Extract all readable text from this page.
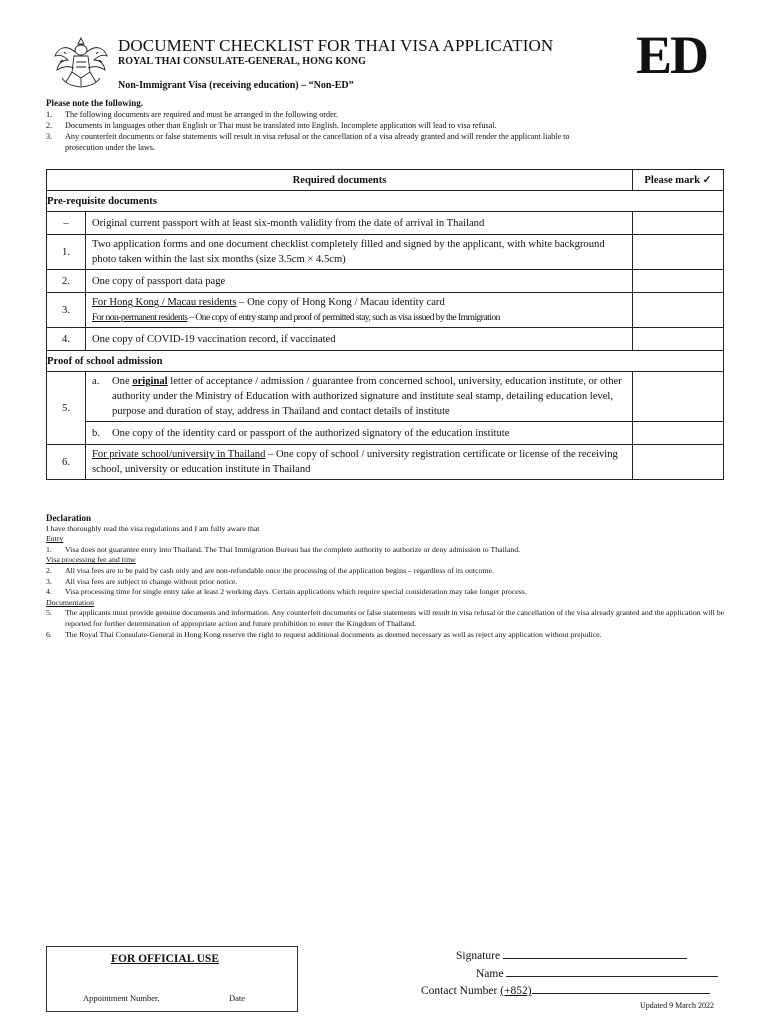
DOCUMENT CHECKLIST FOR THAI VISA APPLICATION
ROYAL THAI CONSULATE-GENERAL, HONG KONG
Non-Immigrant Visa (receiving education) – “Non-ED”
ED
Please note the following.
1.	The following documents are required and must be arranged in the following order.
2.	Documents in languages other than English or Thai must be translated into English. Incomplete application will lead to visa refusal.
3.	Any counterfeit documents or false statements will result in visa refusal or the cancellation of a visa already granted and will render the applicant liable to prosecution under the laws.
Required documents		Please mark ✓
Pre-requisite documents		
–	Original current passport with at least six-month validity from the date of arrival in Thailand	
1.	Two application forms and one document checklist completely filled and signed by the applicant, with white background photo taken within the last six months (size 3.5cm × 4.5cm)	
2.	One copy of passport data page	
3.	For Hong Kong / Macau residents – One copy of Hong Kong / Macau identity card
For non-permanent residents – One copy of entry stamp and proof of permitted stay, such as visa issued by the Immigration	

4.	One copy of COVID-19 vaccination record, if vaccinated	
Proof of school admission		
5.	a. One original letter of acceptance / admission / guarantee from concerned school, university, education institute, or other authority under the Ministry of Education with authorized signature and institute seal stamp, detailing education level, purpose and duration of stay, address in Thailand and contact details of institute	

	b. One copy of the identity card or passport of the authorized signatory of the education institute	

6.	For private school/university in Thailand – One copy of school / university registration certificate or license of the receiving school, university or education institute in Thailand	
Declaration
I have thoroughly read the visa regulations and I am fully aware that
Entry
1.	Visa does not guarantee entry into Thailand. The Thai Immigration Bureau has the complete authority to authorize or deny admission to Thailand.
Visa processing fee and time
2.	All visa fees are to be paid by cash only and are non-refundable once the processing of the application begins – regardless of its outcome.
3.	All visa fees are subject to change without prior notice.
4.	Visa processing time for single entry take at least 2 working days. Certain applications which require special consideration may take longer process.
Documentation
5.	The applicants must provide genuine documents and information. Any counterfeit documents or false statements will result in visa refusal or the cancellation of the visa already granted and the application will be reported for further determination of appropriate action and future prohibition to enter the Kingdom of Thailand.
6.	The Royal Thai Consulate-General in Hong Kong reserve the right to request additional documents as deemed necessary as well as reject any application without prejudice.
FOR OFFICIAL USE
Appointment Number.	Date
Signature
Name
Contact Number (+852)
Updated 9 March 2022
